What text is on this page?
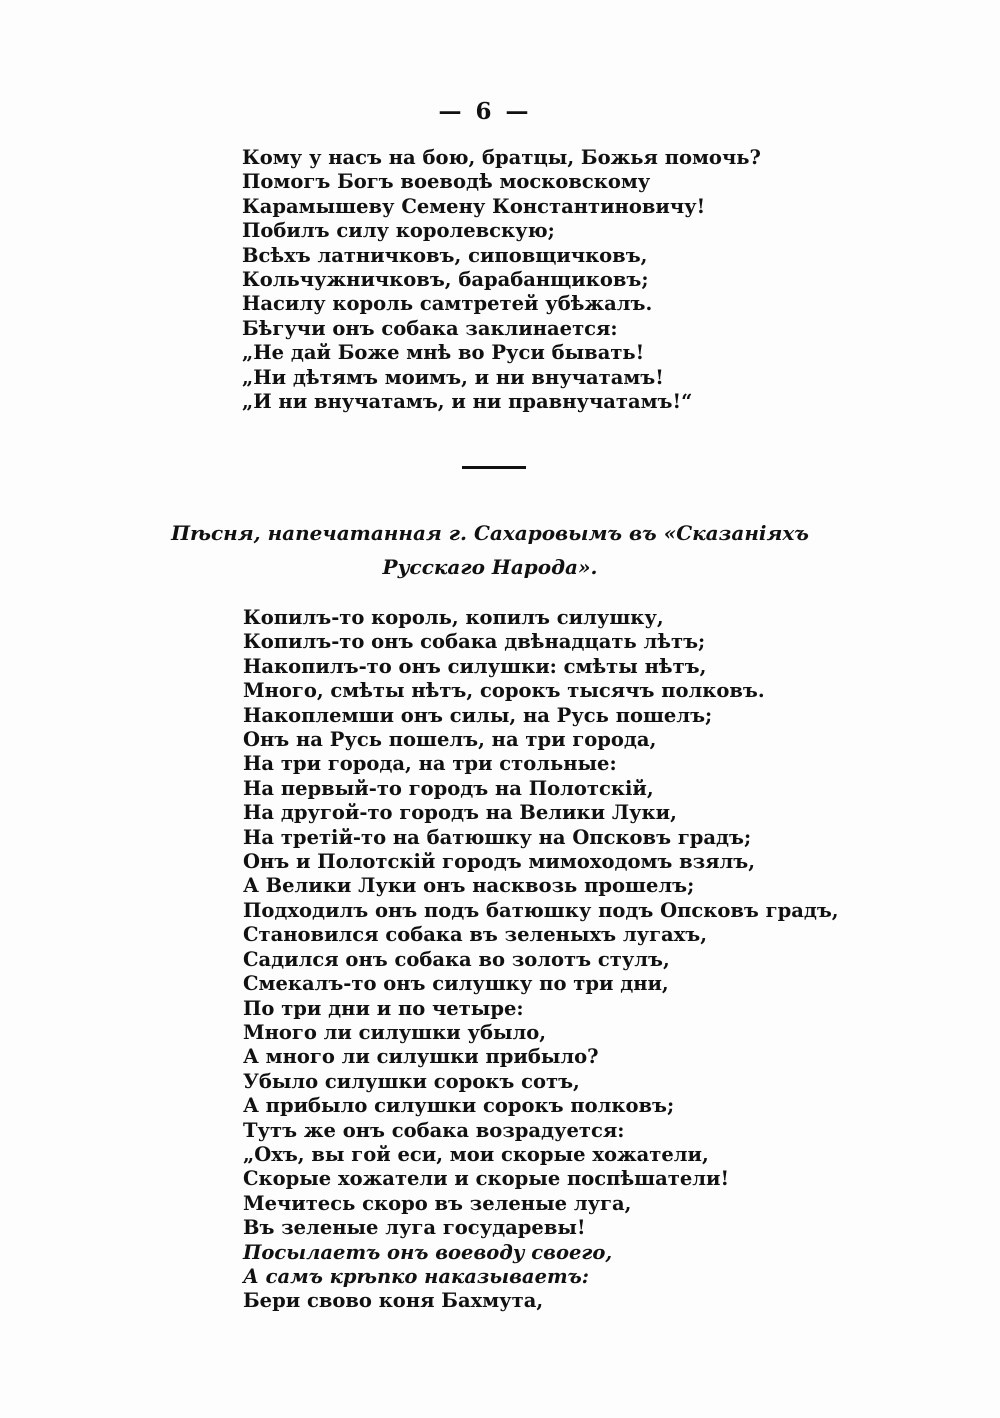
— 6 —
Кому у насъ на бою, братцы, Божья помочь?
Помогъ Богъ воеводѣ московскому
Карамышеву Семену Константиновичу!
Побилъ силу королевскую;
Всѣхъ латничковъ, сиповщичковъ,
Кольчужничковъ, барабанщиковъ;
Насилу король самтретей убѣжалъ.
Бѣгучи онъ собака заклинается:
„Не дай Боже мнѣ во Руси бывать!
„Ни дѣтямъ моимъ, и ни внучатамъ!
„И ни внучатамъ, и ни правнучатамъ!“
Пѣсня, напечатанная г. Сахаровымъ въ «Сказаніяхъ Русскаго Народа».
Копилъ-то король, копилъ силушку,
Копилъ-то онъ собака двѣнадцать лѣтъ;
Накопилъ-то онъ силушки: смѣты нѣтъ,
Много, смѣты нѣтъ, сорокъ тысячъ полковъ.
Накоплемши онъ силы, на Русь пошелъ;
Онъ на Русь пошелъ, на три города,
На три города, на три стольные:
На первый-то городъ на Полотскій,
На другой-то городъ на Велики Луки,
На третій-то на батюшку на Опсковъ градъ;
Онъ и Полотскій городъ мимоходомъ взялъ,
А Велики Луки онъ насквозь прошелъ;
Подходилъ онъ подъ батюшку подъ Опсковъ градъ,
Становился собака въ зеленыхъ лугахъ,
Садился онъ собака во золотъ стулъ,
Смекалъ-то онъ силушку по три дни,
По три дни и по четыре:
Много ли силушки убыло,
А много ли силушки прибыло?
Убыло силушки сорокъ сотъ,
А прибыло силушки сорокъ полковъ;
Тутъ же онъ собака возрадуется:
„Охъ, вы гой еси, мои скорые хожатели,
Скорые хожатели и скорые поспѣшатели!
Мечитесь скоро въ зеленые луга,
Въ зеленые луга государевы!
Посылаетъ онъ воеводу своего,
А самъ крѣпко наказываетъ:
Бери свово коня Бахмута,
